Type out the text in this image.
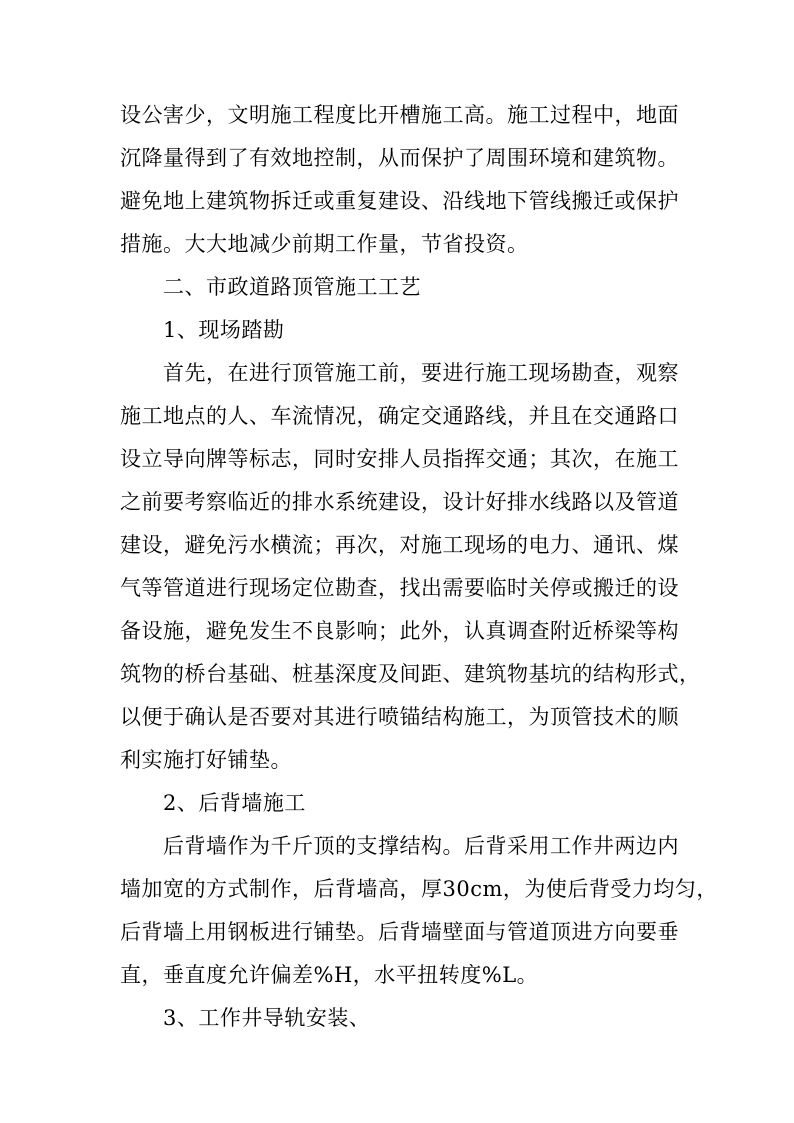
设公害少，文明施工程度比开槽施工高。施工过程中，地面
沉降量得到了有效地控制，从而保护了周围环境和建筑物。
避免地上建筑物拆迁或重复建设、沿线地下管线搬迁或保护
措施。大大地减少前期工作量，节省投资。
二、市政道路顶管施工工艺
1、现场踏勘
首先，在进行顶管施工前，要进行施工现场勘查，观察
施工地点的人、车流情况，确定交通路线，并且在交通路口
设立导向牌等标志，同时安排人员指挥交通；其次，在施工
之前要考察临近的排水系统建设，设计好排水线路以及管道
建设，避免污水横流；再次，对施工现场的电力、通讯、煤
气等管道进行现场定位勘查，找出需要临时关停或搬迁的设
备设施，避免发生不良影响；此外，认真调查附近桥梁等构
筑物的桥台基础、桩基深度及间距、建筑物基坑的结构形式，
以便于确认是否要对其进行喷锚结构施工，为顶管技术的顺
利实施打好铺垫。
2、后背墙施工
后背墙作为千斤顶的支撑结构。后背采用工作井两边内
墙加宽的方式制作，后背墙高，厚30cm，为使后背受力均匀，
后背墙上用钢板进行铺垫。后背墙壁面与管道顶进方向要垂
直，垂直度允许偏差%H，水平扭转度%L。
3、工作井导轨安装、
